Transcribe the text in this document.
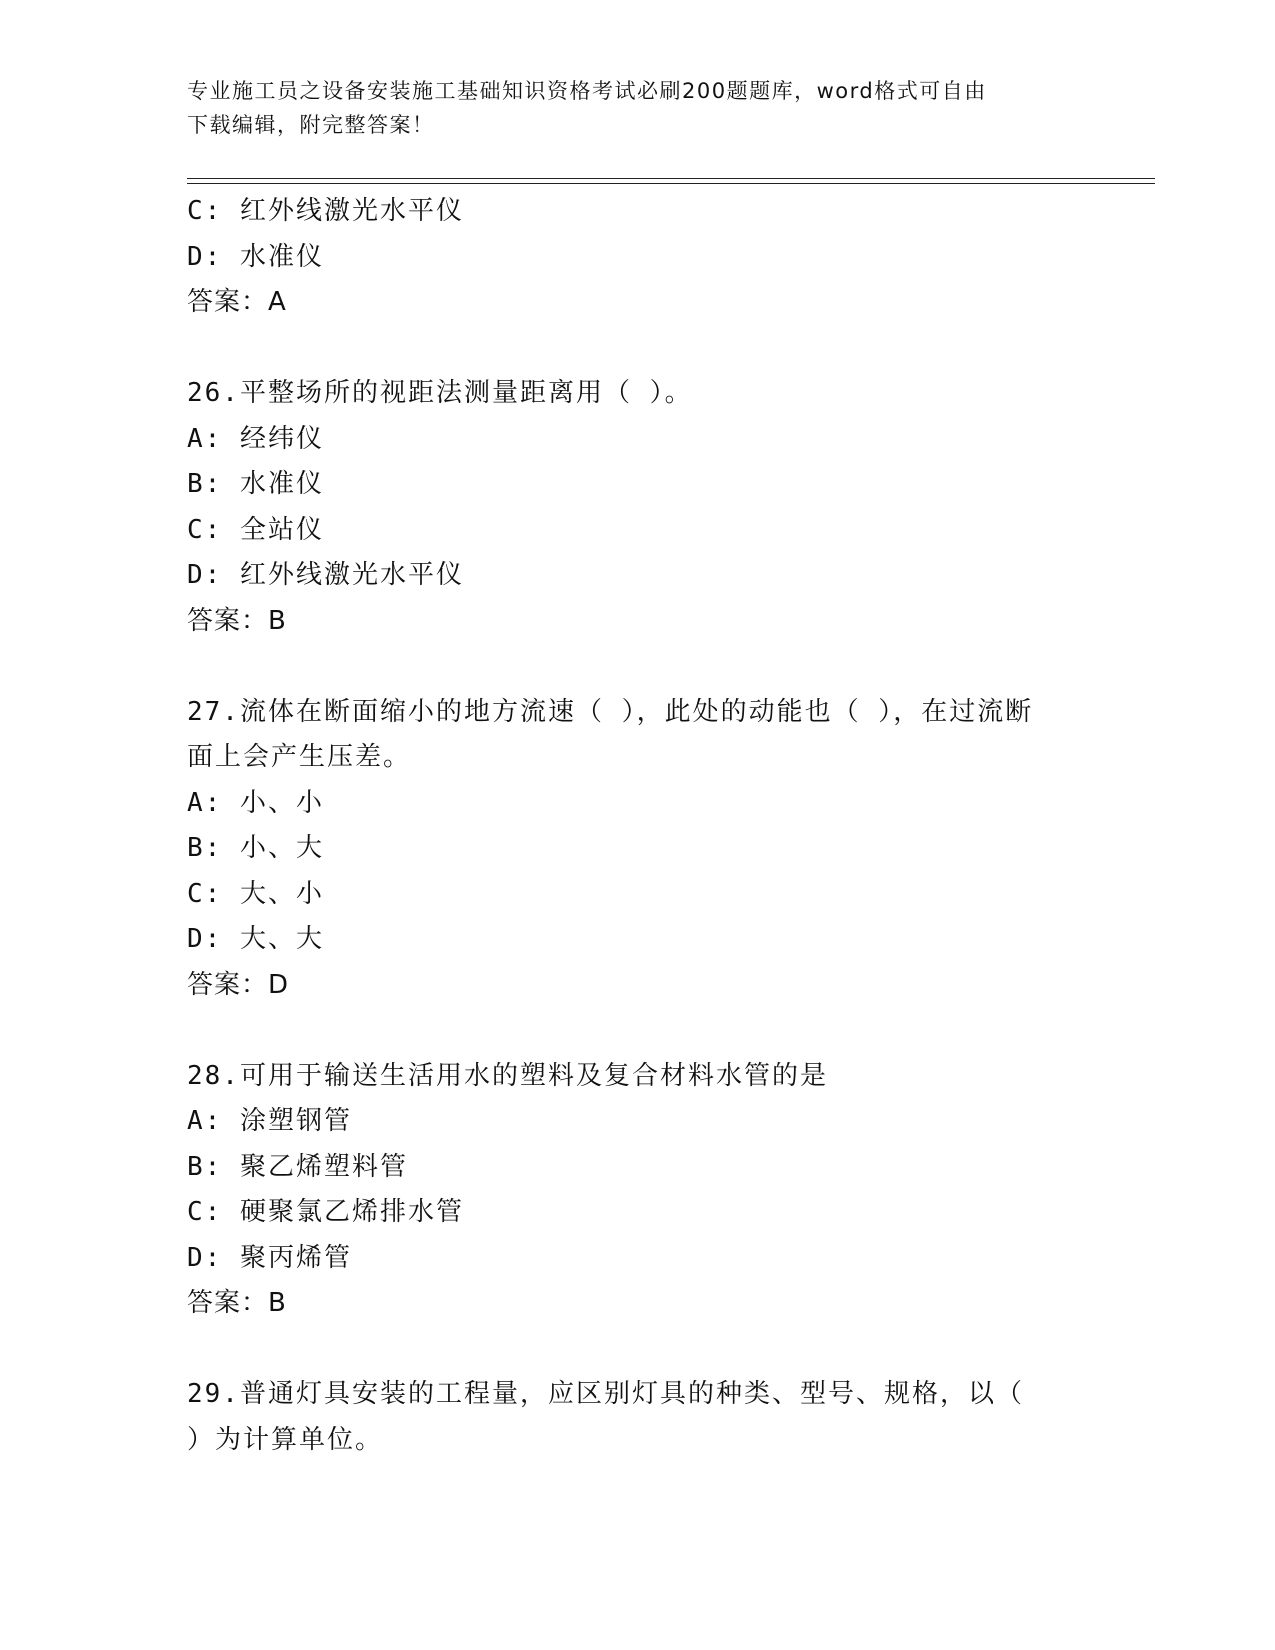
专业施工员之设备安装施工基础知识资格考试必刷200题题库，word格式可自由
下载编辑，附完整答案！
C: 红外线激光水平仪
D: 水准仪
答案：A
26.平整场所的视距法测量距离用（ ）。
A: 经纬仪
B: 水准仪
C: 全站仪
D: 红外线激光水平仪
答案：B
27.流体在断面缩小的地方流速（ ），此处的动能也（ ），在过流断
面上会产生压差。
A: 小、小
B: 小、大
C: 大、小
D: 大、大
答案：D
28.可用于输送生活用水的塑料及复合材料水管的是
A: 涂塑钢管
B: 聚乙烯塑料管
C: 硬聚氯乙烯排水管
D: 聚丙烯管
答案：B
29.普通灯具安装的工程量，应区别灯具的种类、型号、规格，以（
）为计算单位。
